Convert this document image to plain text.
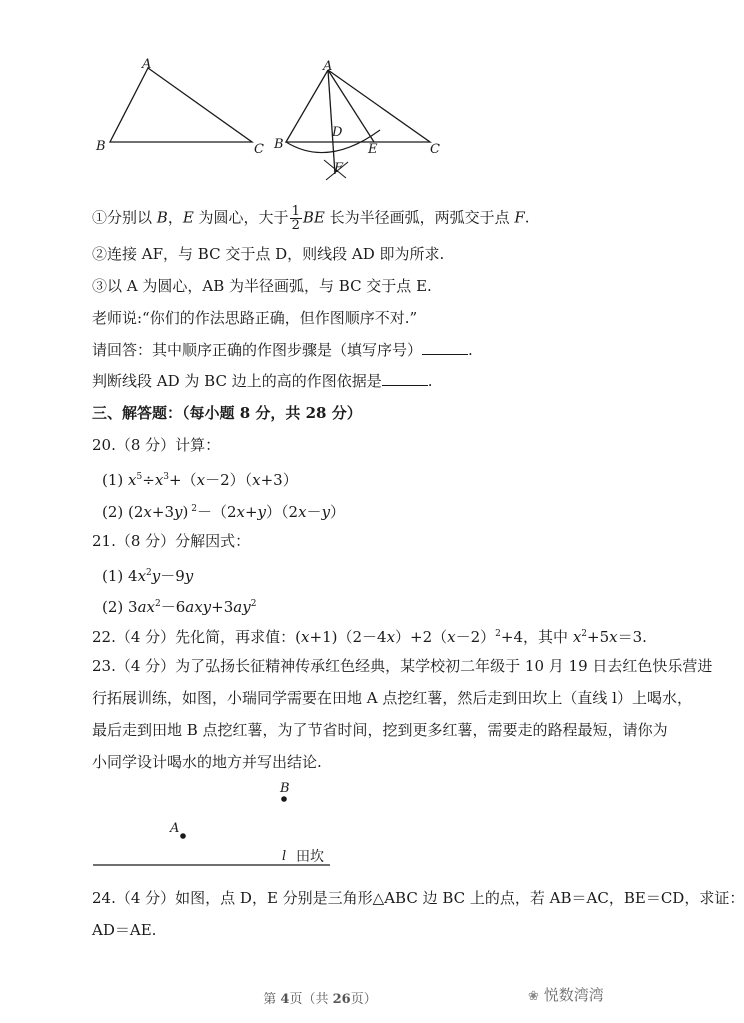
A
B	C
A
B	C
D
E
F
①分别以 B，E 为圆心，大于 $\frac{1}{2}$ BE 长为半径画弧，两弧交于点 F.
②连接 AF，与 BC 交于点 D，则线段 AD 即为所求.
③以 A 为圆心，AB 为半径画弧，与 BC 交于点 E.
老师说:“你们的作法思路正确，但作图顺序不对.”
请回答：其中顺序正确的作图步骤是（填写序号）	.
判断线段 AD 为 BC 边上的高的作图依据是	.
三、解答题：（每小题 8 分，共 28 分）
20.（8 分）计算：
(1) $x^5\div x^3+(x-2)(x+3)$
(2) (2x+3y) $^2$－（2x+y）（2x－y）
21.（8 分）分解因式：
(1) $4x^2y-9y$
(2) $3ax^2-6axy+3ay^2$
22.（4 分）先化简，再求值：$(x+1)(2-4x)+2(x-2)^2+4$，其中 $x^2+5x=3$.
23.（4 分）为了弘扬长征精神传承红色经典，某学校初二年级于 10 月 19 日去红色快乐营进
行拓展训练，如图，小瑞同学需要在田地 A 点挖红薯，然后走到田坎上（直线 l）上喝水，
最后走到田地 B 点挖红薯，为了节省时间，挖到更多红薯，需要走的路程最短，请你为
小同学设计喝水的地方并写出结论.
B
A
l 田坎
24.（4 分）如图，点 D，E 分别是三角形△ABC 边 BC 上的点，若 AB＝AC，BE＝CD，求证：
AD＝AE.
第 4页（共 26页）	❀ 悦数湾湾
